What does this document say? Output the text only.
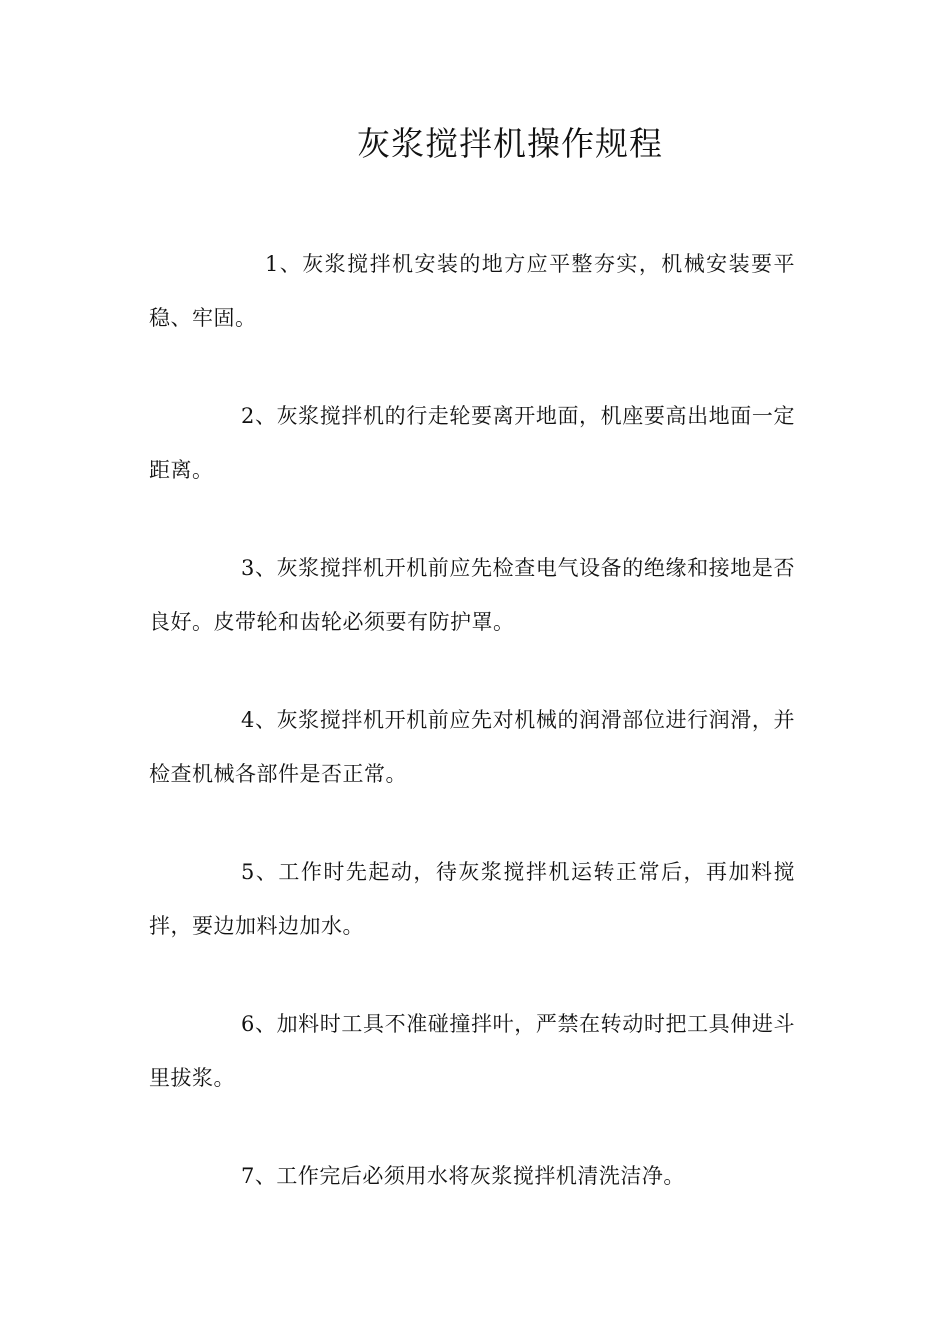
灰浆搅拌机操作规程

1、灰浆搅拌机安装的地方应平整夯实，机械安装要平稳、牢固。

2、灰浆搅拌机的行走轮要离开地面，机座要高出地面一定距离。

3、灰浆搅拌机开机前应先检查电气设备的绝缘和接地是否良好。皮带轮和齿轮必须要有防护罩。

4、灰浆搅拌机开机前应先对机械的润滑部位进行润滑，并检查机械各部件是否正常。

5、工作时先起动，待灰浆搅拌机运转正常后，再加料搅拌，要边加料边加水。

6、加料时工具不准碰撞拌叶，严禁在转动时把工具伸进斗里拔浆。

7、工作完后必须用水将灰浆搅拌机清洗洁净。
